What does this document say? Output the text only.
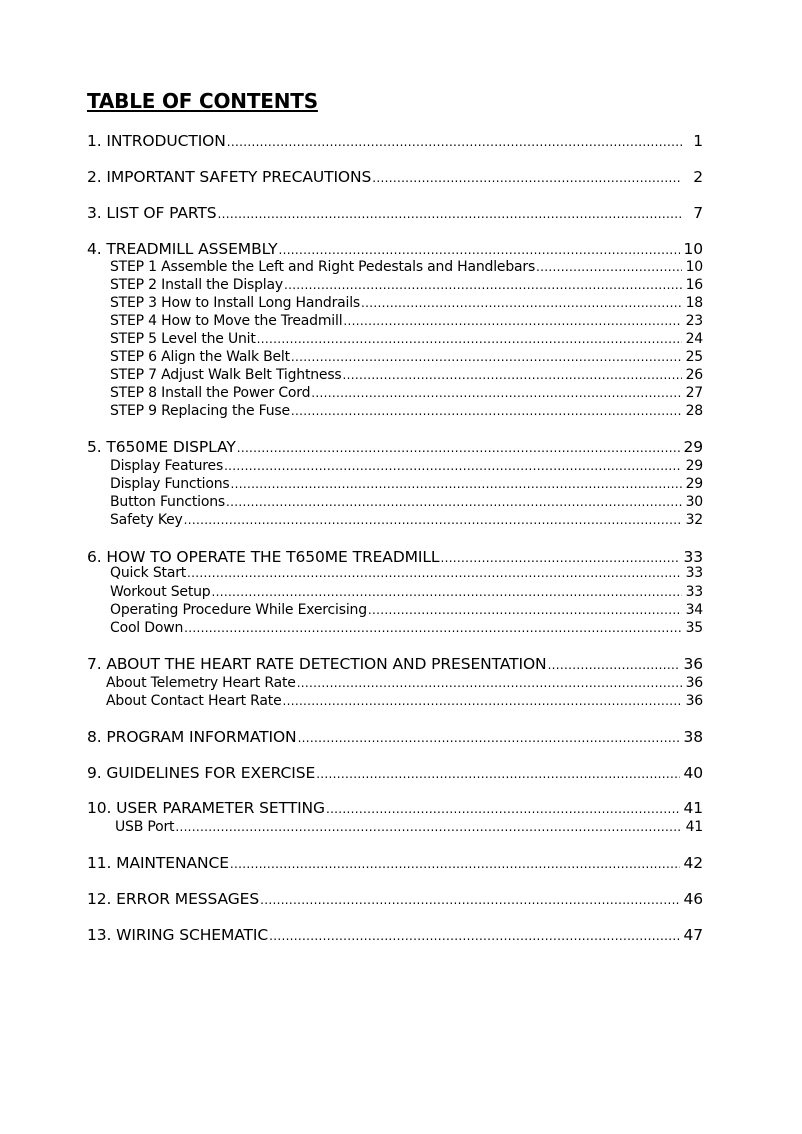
TABLE OF CONTENTS
1. INTRODUCTION .....	1
2. IMPORTANT SAFETY PRECAUTIONS .....	2
3. LIST OF PARTS .....	7
4. TREADMILL ASSEMBLY .....	10
STEP 1 Assemble the Left and Right Pedestals and Handlebars .....	10
STEP 2 Install the Display .....	16
STEP 3 How to Install Long Handrails .....	18
STEP 4 How to Move the Treadmill .....	23
STEP 5 Level the Unit .....	24
STEP 6 Align the Walk Belt .....	25
STEP 7 Adjust Walk Belt Tightness .....	26
STEP 8 Install the Power Cord .....	27
STEP 9 Replacing the Fuse .....	28
5. T650ME DISPLAY .....	29
Display Features .....	29
Display Functions .....	29
Button Functions .....	30
Safety Key .....	32
6. HOW TO OPERATE THE T650ME TREADMILL .....	33
Quick Start .....	33
Workout Setup .....	33
Operating Procedure While Exercising .....	34
Cool Down .....	35
7. ABOUT THE HEART RATE DETECTION AND PRESENTATION .....	36
About Telemetry Heart Rate .....	36
About Contact Heart Rate .....	36
8. PROGRAM INFORMATION .....	38
9. GUIDELINES FOR EXERCISE .....	40
10. USER PARAMETER SETTING .....	41
USB Port .....	41
11. MAINTENANCE .....	42
12. ERROR MESSAGES .....	46
13. WIRING SCHEMATIC .....	47
